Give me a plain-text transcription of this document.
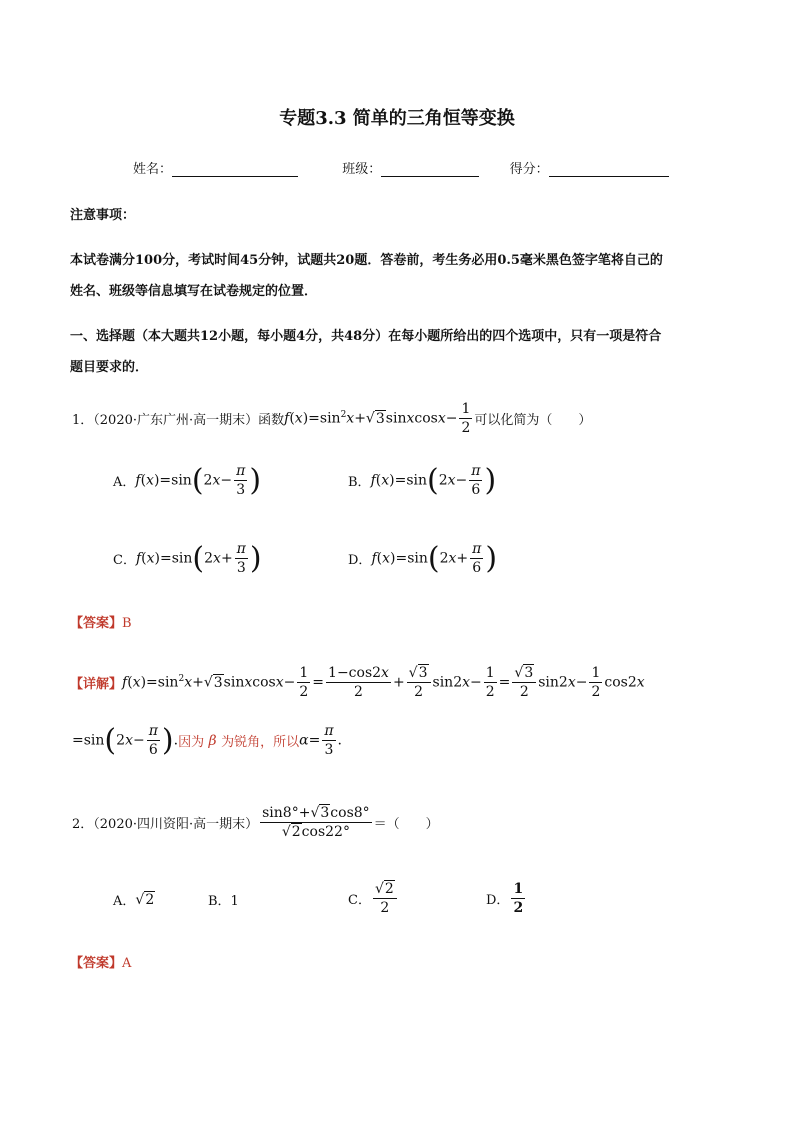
专题3.3 简单的三角恒等变换
姓名：	班级：	得分：
注意事项：
本试卷满分100分，考试时间45分钟，试题共20题．答卷前，考生务必用0.5毫米黑色签字笔将自己的
姓名、班级等信息填写在试卷规定的位置．
一、选择题（本大题共12小题，每小题4分，共48分）在每小题所给出的四个选项中，只有一项是符合
题目要求的．
1．（2020·广东广州·高一期末）函数 $f(x)=\sin^2x+√3sinxcosx- \frac{1}{2}$ 可以化简为（　　）
A． $f(x)=\sin(2x- \frac{\pi}{3}$ )	B． $f(x)=\sin(2x- \frac{\pi}{6}$ )
C． $f(x)=\sin(2x+ \frac{\pi}{3}$ )	D． $f(x)=\sin(2x+ \frac{\pi}{6}$ )
【答案】B
【详解】 $f(x)=\sin^2x+√3sinxcosx- \frac{1}{2} = \frac{1-\cos 2x}{2} + \frac{√3}{2} \sin 2x- \frac{1}{2} = \frac{√3}{2} \sin 2x- \frac{1}{2} \cos 2x$
$=\sin(2x- \frac{\pi}{6}$ ). 因为 β 为锐角，所以 $\alpha= \frac{\pi}{3}$ .
2．（2020·四川资阳·高一期末） $\frac{\sin 8^\circ+√3\cos 8^\circ}{√2\cos 22^\circ}$ ＝（　　）
A． √2	B．1	C． $\frac{√2}{2}$	D． $\frac{1}{2}$
【答案】A
